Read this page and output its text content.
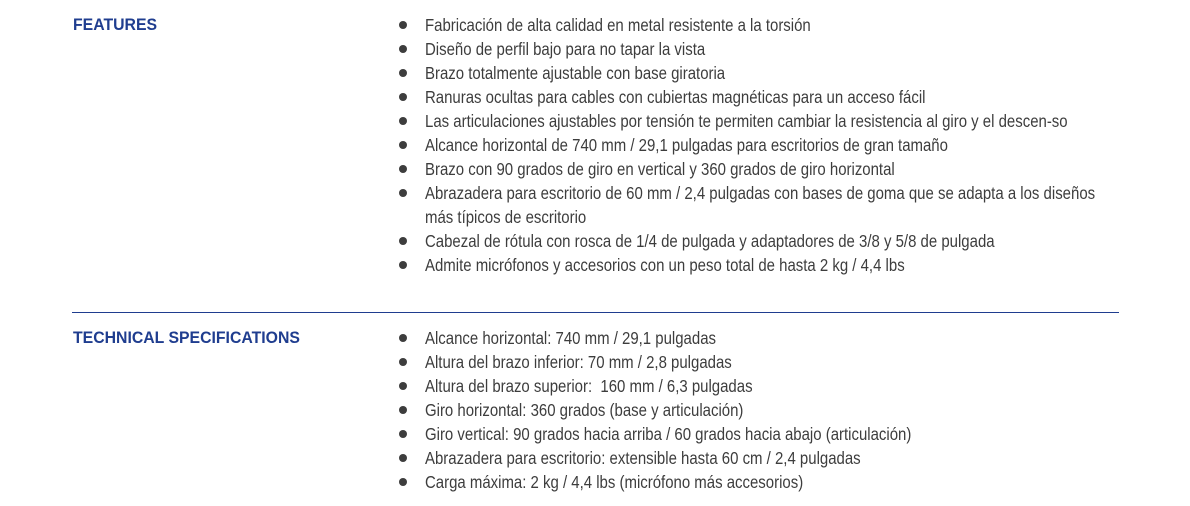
FEATURES	Fabricación de alta calidad en metal resistente a la torsión
Diseño de perfil bajo para no tapar la vista
Brazo totalmente ajustable con base giratoria
Ranuras ocultas para cables con cubiertas magnéticas para un acceso fácil
Las articulaciones ajustables por tensión te permiten cambiar la resistencia al giro y el descen-so
Alcance horizontal de 740 mm / 29,1 pulgadas para escritorios de gran tamaño
Brazo con 90 grados de giro en vertical y 360 grados de giro horizontal
Abrazadera para escritorio de 60 mm / 2,4 pulgadas con bases de goma que se adapta a los diseños más típicos de escritorio
Cabezal de rótula con rosca de 1/4 de pulgada y adaptadores de 3/8 y 5/8 de pulgada
Admite micrófonos y accesorios con un peso total de hasta 2 kg / 4,4 lbs
TECHNICAL SPECIFICATIONS	Alcance horizontal: 740 mm / 29,1 pulgadas
Altura del brazo inferior: 70 mm / 2,8 pulgadas
Altura del brazo superior:  160 mm / 6,3 pulgadas
Giro horizontal: 360 grados (base y articulación)
Giro vertical: 90 grados hacia arriba / 60 grados hacia abajo (articulación)
Abrazadera para escritorio: extensible hasta 60 cm / 2,4 pulgadas
Carga máxima: 2 kg / 4,4 lbs (micrófono más accesorios)
